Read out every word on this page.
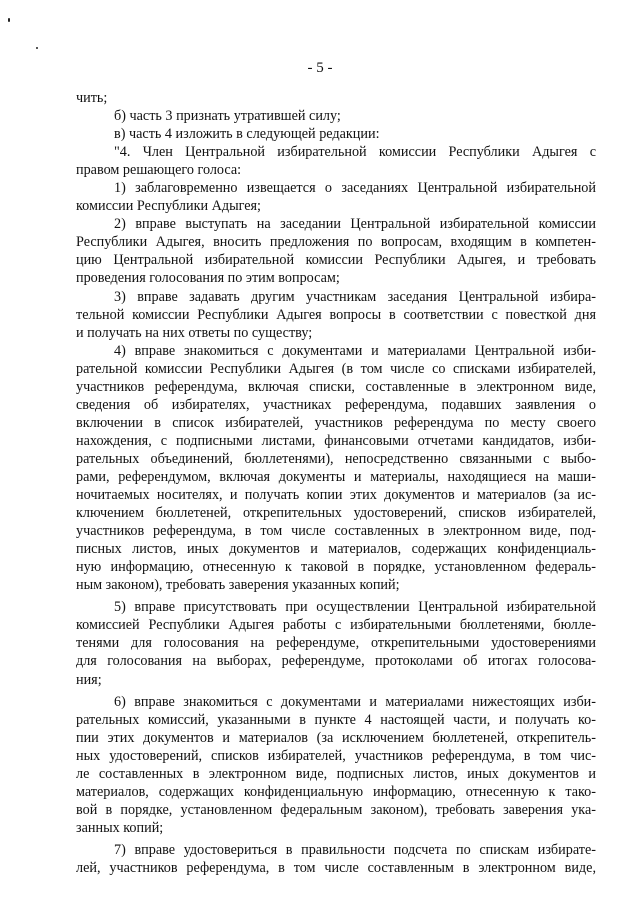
- 5 -
чить;
б) часть 3 признать утратившей силу;
в) часть 4 изложить в следующей редакции:
"4. Член Центральной избирательной комиссии Республики Адыгея с
правом решающего голоса:
1) заблаговременно извещается о заседаниях Центральной избирательной
комиссии Республики Адыгея;
2) вправе выступать на заседании Центральной избирательной комиссии
Республики Адыгея, вносить предложения по вопросам, входящим в компетен-
цию Центральной избирательной комиссии Республики Адыгея, и требовать
проведения голосования по этим вопросам;
3) вправе задавать другим участникам заседания Центральной избира-
тельной комиссии Республики Адыгея вопросы в соответствии с повесткой дня
и получать на них ответы по существу;
4) вправе знакомиться с документами и материалами Центральной изби-
рательной комиссии Республики Адыгея (в том числе со списками избирателей,
участников референдума, включая списки, составленные в электронном виде,
сведения об избирателях, участниках референдума, подавших заявления о
включении в список избирателей, участников референдума по месту своего
нахождения, с подписными листами, финансовыми отчетами кандидатов, изби-
рательных объединений, бюллетенями), непосредственно связанными с выбо-
рами, референдумом, включая документы и материалы, находящиеся на маши-
ночитаемых носителях, и получать копии этих документов и материалов (за ис-
ключением бюллетеней, открепительных удостоверений, списков избирателей,
участников референдума, в том числе составленных в электронном виде, под-
писных листов, иных документов и материалов, содержащих конфиденциаль-
ную информацию, отнесенную к таковой в порядке, установленном федераль-
ным законом), требовать заверения указанных копий;
5) вправе присутствовать при осуществлении Центральной избирательной
комиссией Республики Адыгея работы с избирательными бюллетенями, бюлле-
тенями для голосования на референдуме, открепительными удостоверениями
для голосования на выборах, референдуме, протоколами об итогах голосова-
ния;
6) вправе знакомиться с документами и материалами нижестоящих изби-
рательных комиссий, указанными в пункте 4 настоящей части, и получать ко-
пии этих документов и материалов (за исключением бюллетеней, открепитель-
ных удостоверений, списков избирателей, участников референдума, в том чис-
ле составленных в электронном виде, подписных листов, иных документов и
материалов, содержащих конфиденциальную информацию, отнесенную к тако-
вой в порядке, установленном федеральным законом), требовать заверения ука-
занных копий;
7) вправе удостовериться в правильности подсчета по спискам избирате-
лей, участников референдума, в том числе составленным в электронном виде,
